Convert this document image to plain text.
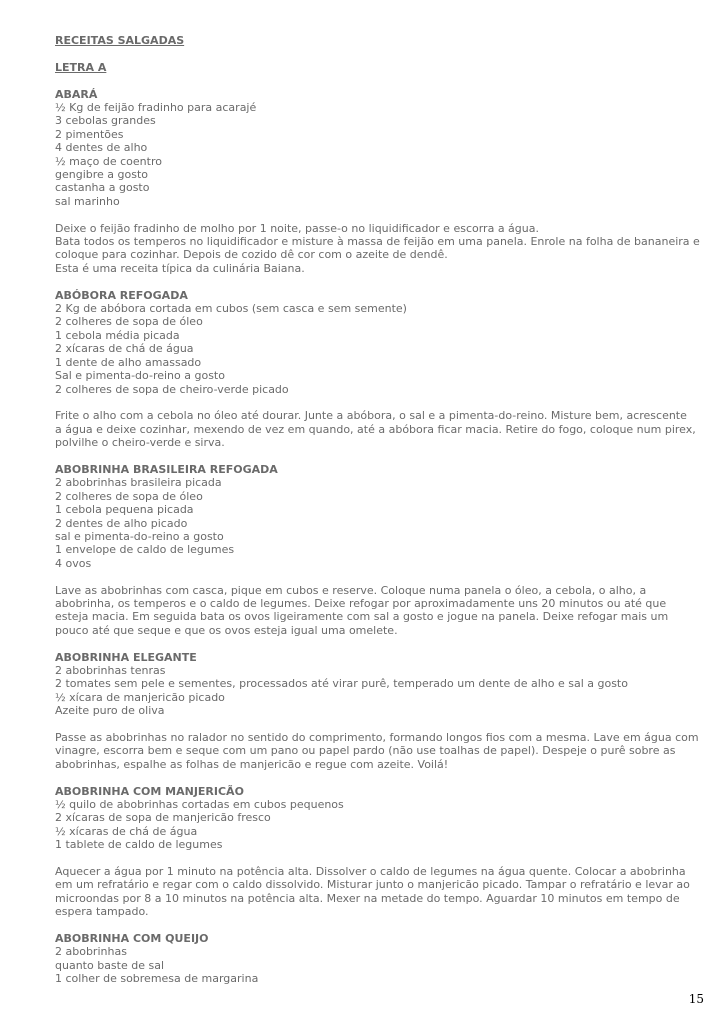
RECEITAS SALGADAS

LETRA A

ABARÁ

½ Kg de feijão fradinho para acarajé

3 cebolas grandes

2 pimentões

4 dentes de alho

½ maço de coentro

gengibre a gosto

castanha a gosto

sal marinho

Deixe o feijão fradinho de molho por 1 noite, passe-o no liquidificador e escorra a água.
Bata todos os temperos no liquidificador e misture à massa de feijão em uma panela. Enrole na folha de bananeira e
coloque para cozinhar. Depois de cozido dê cor com o azeite de dendê.
Esta é uma receita típica da culinária Baiana.

ABÓBORA REFOGADA

2 Kg de abóbora cortada em cubos (sem casca e sem semente)

2 colheres de sopa de óleo

1 cebola média picada

2 xícaras de chá de água

1 dente de alho amassado

Sal e pimenta-do-reino a gosto

2 colheres de sopa de cheiro-verde picado

Frite o alho com a cebola no óleo até dourar. Junte a abóbora, o sal e a pimenta-do-reino. Misture bem, acrescente
a água e deixe cozinhar, mexendo de vez em quando, até a abóbora ficar macia. Retire do fogo, coloque num pirex,
polvilhe o cheiro-verde e sirva.

ABOBRINHA BRASILEIRA REFOGADA

2 abobrinhas brasileira picada

2 colheres de sopa de óleo

1 cebola pequena picada

2 dentes de alho picado

sal e pimenta-do-reino a gosto

1 envelope de caldo de legumes

4 ovos

Lave as abobrinhas com casca, pique em cubos e reserve. Coloque numa panela o óleo, a cebola, o alho, a
abobrinha, os temperos e o caldo de legumes. Deixe refogar por aproximadamente uns 20 minutos ou até que
esteja macia. Em seguida bata os ovos ligeiramente com sal a gosto e jogue na panela. Deixe refogar mais um
pouco até que seque e que os ovos esteja igual uma omelete.

ABOBRINHA ELEGANTE

2 abobrinhas tenras

2 tomates sem pele e sementes, processados até virar purê, temperado um dente de alho e sal a gosto

½ xícara de manjericão picado

Azeite puro de oliva

Passe as abobrinhas no ralador no sentido do comprimento, formando longos fios com a mesma. Lave em água com
vinagre, escorra bem e seque com um pano ou papel pardo (não use toalhas de papel). Despeje o purê sobre as
abobrinhas, espalhe as folhas de manjericão e regue com azeite. Voilá!

ABOBRINHA COM MANJERICÃO

½ quilo de abobrinhas cortadas em cubos pequenos

2 xícaras de sopa de manjericão fresco

½ xícaras de chá de água

1 tablete de caldo de legumes

Aquecer a água por 1 minuto na potência alta. Dissolver o caldo de legumes na água quente. Colocar a abobrinha
em um refratário e regar com o caldo dissolvido. Misturar junto o manjericão picado. Tampar o refratário e levar ao
microondas por 8 a 10 minutos na potência alta. Mexer na metade do tempo. Aguardar 10 minutos em tempo de
espera tampado.

ABOBRINHA COM QUEIJO

2 abobrinhas

quanto baste de sal

1 colher de sobremesa de margarina

15
